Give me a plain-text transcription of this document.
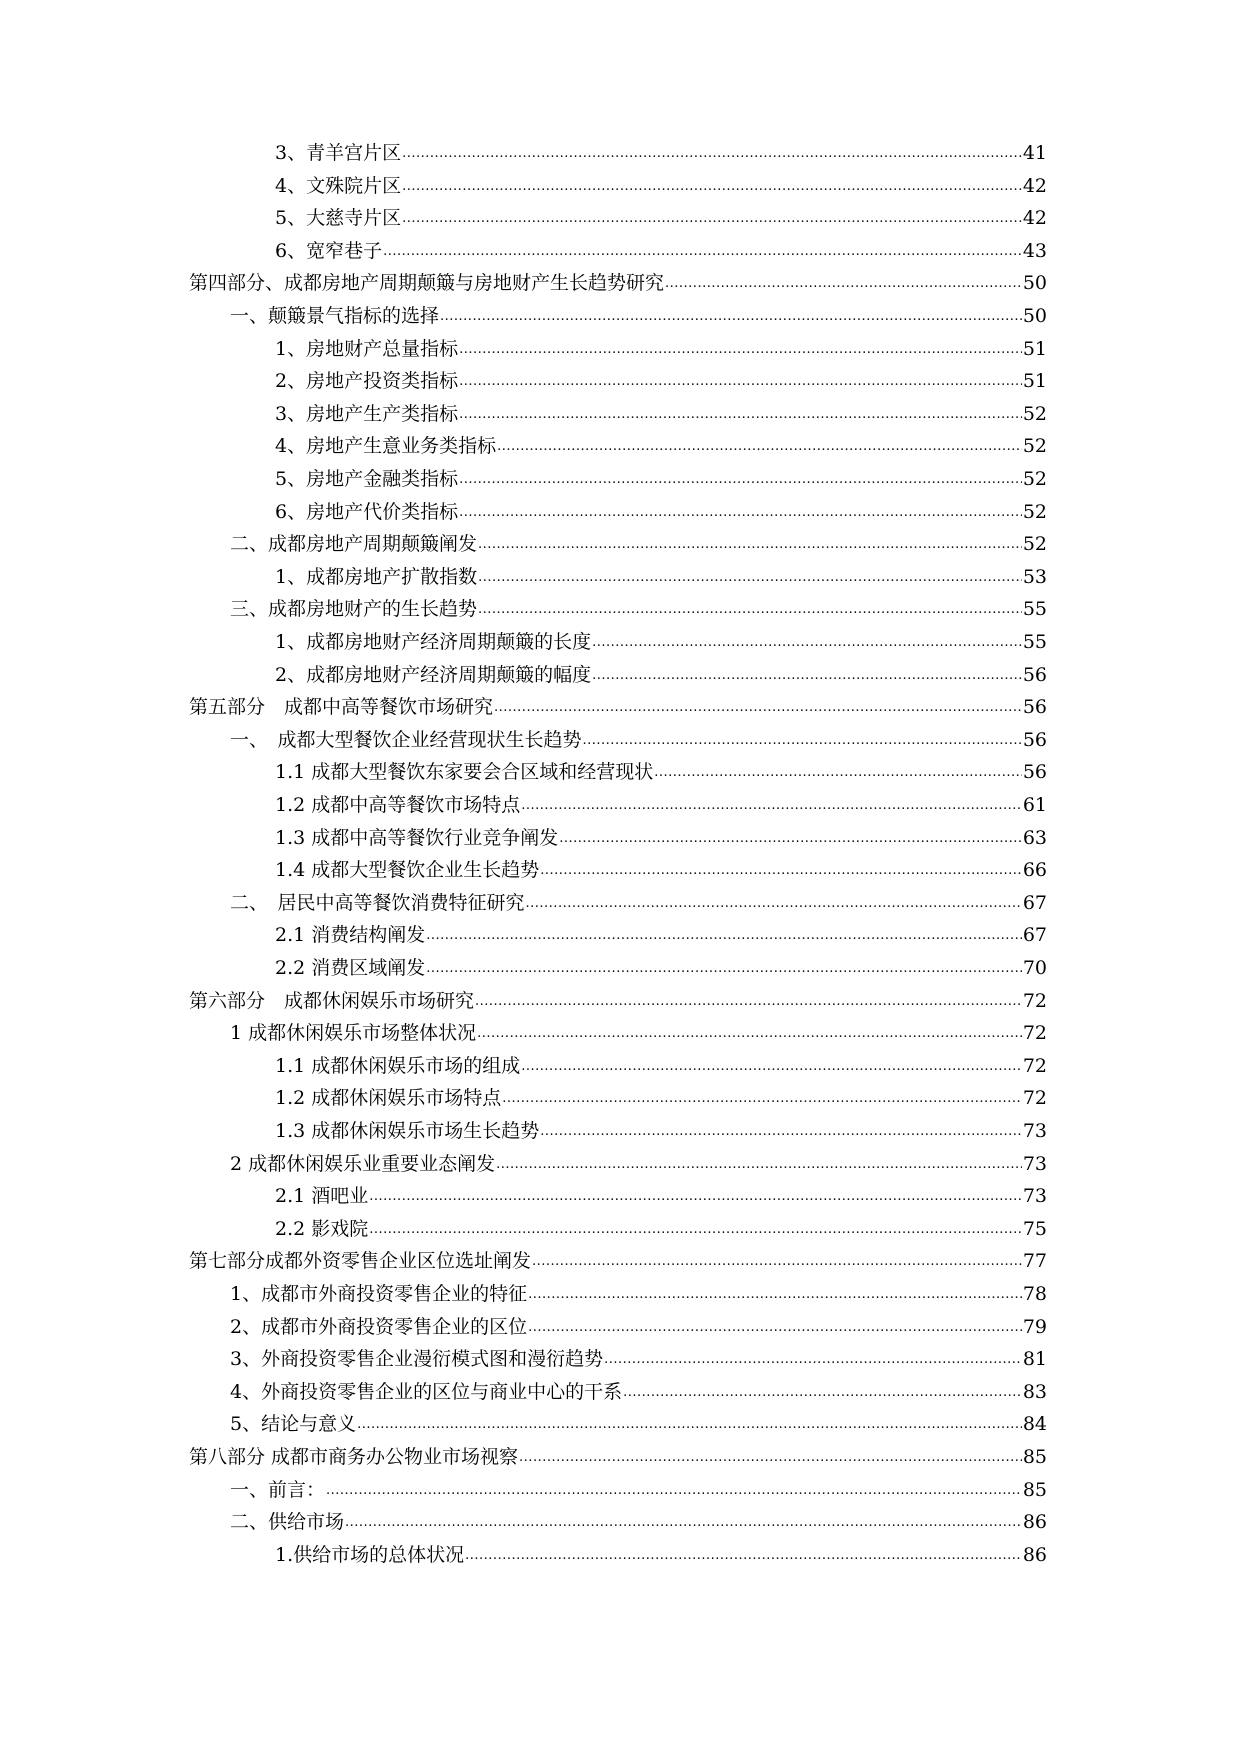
3、青羊宫片区 .....	41
4、文殊院片区 .....	42
5、大慈寺片区 .....	42
6、宽窄巷子 .....	43
第四部分、成都房地产周期颠簸与房地财产生长趋势研究 .....	50
一、颠簸景气指标的选择 .....	50
1、房地财产总量指标 .....	51
2、房地产投资类指标 .....	51
3、房地产生产类指标 .....	52
4、房地产生意业务类指标 .....	52
5、房地产金融类指标 .....	52
6、房地产代价类指标 .....	52
二、成都房地产周期颠簸阐发 .....	52
1、成都房地产扩散指数 .....	53
三、成都房地财产的生长趋势 .....	55
1、成都房地财产经济周期颠簸的长度 .....	55
2、成都房地财产经济周期颠簸的幅度 .....	56
第五部分　成都中高等餐饮市场研究 .....	56
一、　成都大型餐饮企业经营现状生长趋势 .....	56
1.1 成都大型餐饮东家要会合区域和经营现状 .....	56
1.2 成都中高等餐饮市场特点 .....	61
1.3 成都中高等餐饮行业竞争阐发 .....	63
1.4 成都大型餐饮企业生长趋势 .....	66
二、　居民中高等餐饮消费特征研究 .....	67
2.1 消费结构阐发 .....	67
2.2 消费区域阐发 .....	70
第六部分　成都休闲娱乐市场研究 .....	72
1 成都休闲娱乐市场整体状况 .....	72
1.1 成都休闲娱乐市场的组成 .....	72
1.2 成都休闲娱乐市场特点 .....	72
1.3 成都休闲娱乐市场生长趋势 .....	73
2 成都休闲娱乐业重要业态阐发 .....	73
2.1 酒吧业 .....	73
2.2 影戏院 .....	75
第七部分成都外资零售企业区位选址阐发 .....	77
1、成都市外商投资零售企业的特征 .....	78
2、成都市外商投资零售企业的区位 .....	79
3、外商投资零售企业漫衍模式图和漫衍趋势 .....	81
4、外商投资零售企业的区位与商业中心的干系 .....	83
5、结论与意义 .....	84
第八部分 成都市商务办公物业市场视察 .....	85
一、前言： .....	85
二、供给市场 .....	86
1.供给市场的总体状况 .....	86
